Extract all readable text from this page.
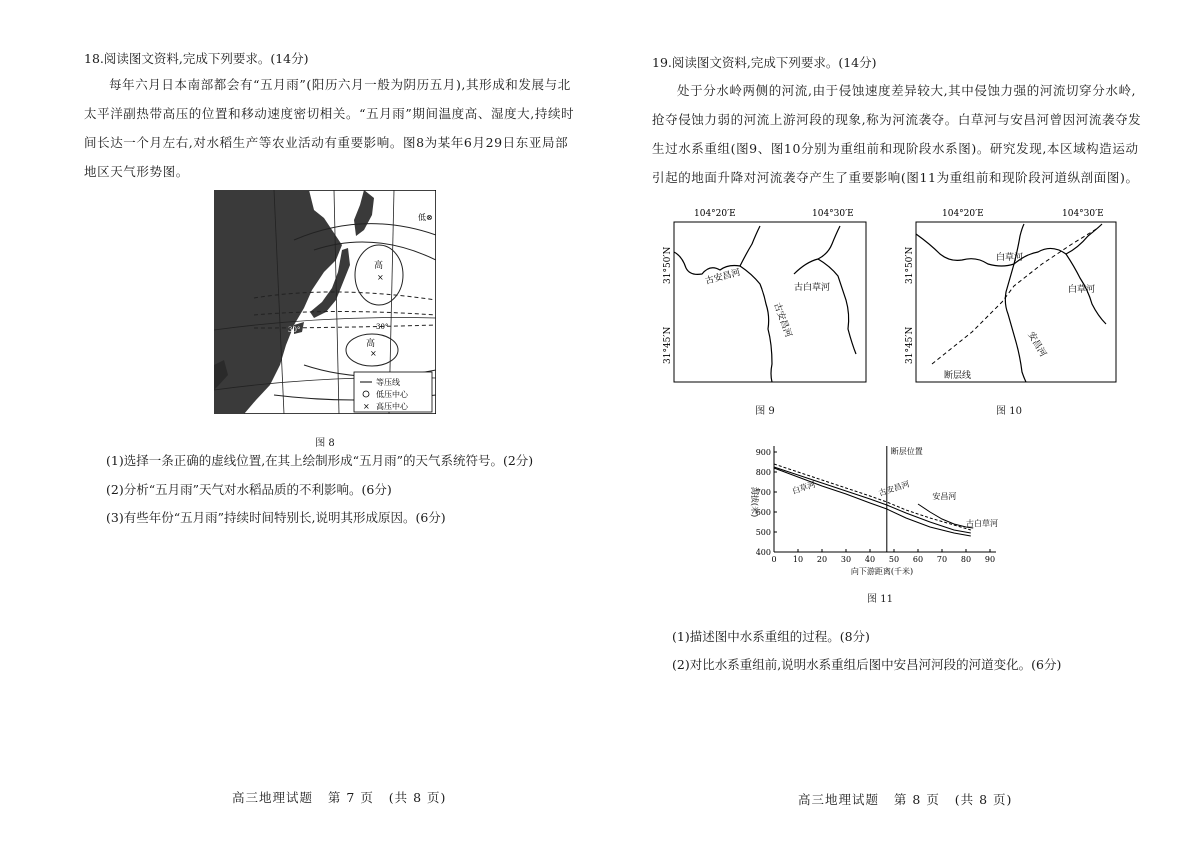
18.阅读图文资料,完成下列要求。(14分)
每年六月日本南部都会有“五月雨”(阳历六月一般为阴历五月),其形成和发展与北太平洋副热带高压的位置和移动速度密切相关。“五月雨”期间温度高、湿度大,持续时间长达一个月左右,对水稻生产等农业活动有重要影响。图8为某年6月29日东亚局部地区天气形势图。
高
×
高
×
低⊗
30°	30°
等压线
低压中心
× 高压中心
图 8
(1)选择一条正确的虚线位置,在其上绘制形成“五月雨”的天气系统符号。(2分)
(2)分析“五月雨”天气对水稻品质的不利影响。(6分)
(3)有些年份“五月雨”持续时间特别长,说明其形成原因。(6分)
高三地理试题   第 7 页   (共 8 页)
19.阅读图文资料,完成下列要求。(14分)
处于分水岭两侧的河流,由于侵蚀速度差异较大,其中侵蚀力强的河流切穿分水岭,抢夺侵蚀力弱的河流上游河段的现象,称为河流袭夺。白草河与安昌河曾因河流袭夺发生过水系重组(图9、图10分别为重组前和现阶段水系图)。研究发现,本区域构造运动引起的地面升降对河流袭夺产生了重要影响(图11为重组前和现阶段河道纵剖面图)。
104°20′E	104°30′E
31°50′N
31°45′N
古安昌河
古安昌河
古白草河
图 9
104°20′E	104°30′E
31°50′N
31°45′N
白草河
白草河
安昌河
断层线
图 10
0 10 20 30 40 50 60 70 80 90
400
500
600
700
800
900	断层位置
向下游距离(千米)
海拔(米)	古安昌河
白草河
安昌河
古白草河
图 11
(1)描述图中水系重组的过程。(8分)
(2)对比水系重组前,说明水系重组后图中安昌河河段的河道变化。(6分)
高三地理试题   第 8 页   (共 8 页)
